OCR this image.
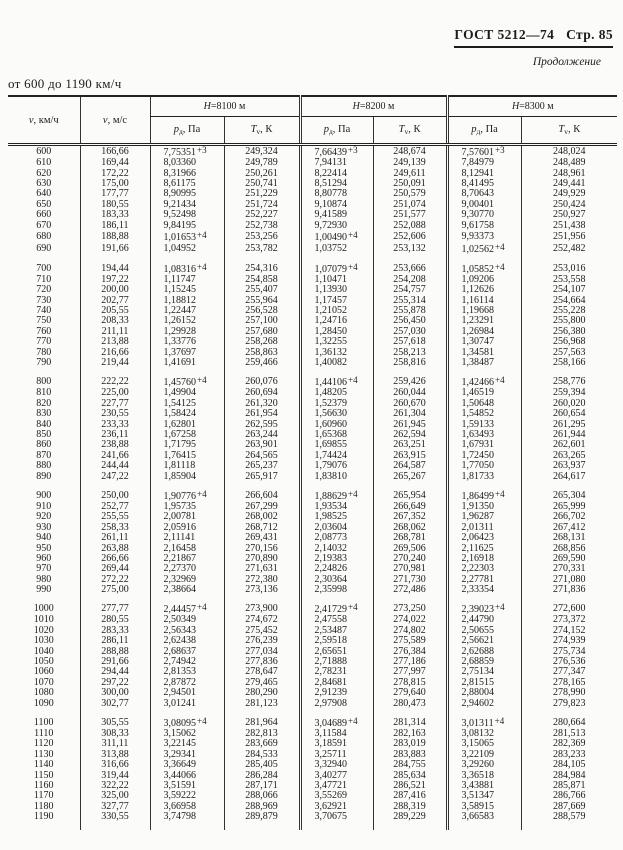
ГОСТ 5212—74 Стр. 85
Продолжение
от 600 до 1190 км/ч
v, км/ч	v, м/с	H=8100 м		H=8200 м		H=8300 м	
		$p_д$, Па	$T_v$, К	$p_д$, Па	$T_v$, К	$p_д$, Па	$T_v$, К
600	166,66	7,75351+3	249,324	7,66439+3	248,674	7,57601+3	248,024
610	169,44	8,03360	249,789	7,94131	249,139	7,84979	248,489
620	172,22	8,31966	250,261	8,22414	249,611	8,12941	248,961
630	175,00	8,61175	250,741	8,51294	250,091	8,41495	249,441
640	177,77	8,90995	251,229	8,80778	250,579	8,70643	249,929
650	180,55	9,21434	251,724	9,10874	251,074	9,00401	250,424
660	183,33	9,52498	252,227	9,41589	251,577	9,30770	250,927
670	186,11	9,84195	252,738	9,72930	252,088	9,61758	251,438
680	188,88	1,01653+4	253,256	1,00490+4	252,606	9,93373	251,956
690	191,66	1,04952	253,782	1,03752	253,132	1,02562+4	252,482

700	194,44	1,08316+4	254,316	1,07079+4	253,666	1,05852+4	253,016
710	197,22	1,11747	254,858	1,10471	254,208	1,09206	253,558
720	200,00	1,15245	255,407	1,13930	254,757	1,12626	254,107
730	202,77	1,18812	255,964	1,17457	255,314	1,16114	254,664
740	205,55	1,22447	256,528	1,21052	255,878	1,19668	255,228
750	208,33	1,26152	257,100	1,24716	256,450	1,23291	255,800
760	211,11	1,29928	257,680	1,28450	257,030	1,26984	256,380
770	213,88	1,33776	258,268	1,32255	257,618	1,30747	256,968
780	216,66	1,37697	258,863	1,36132	258,213	1,34581	257,563
790	219,44	1,41691	259,466	1,40082	258,816	1,38487	258,166

800	222,22	1,45760+4	260,076	1,44106+4	259,426	1,42466+4	258,776
810	225,00	1,49904	260,694	1,48205	260,044	1,46519	259,394
820	227,77	1,54125	261,320	1,52379	260,670	1,50648	260,020
830	230,55	1,58424	261,954	1,56630	261,304	1,54852	260,654
840	233,33	1,62801	262,595	1,60960	261,945	1,59133	261,295
850	236,11	1,67258	263,244	1,65368	262,594	1,63493	261,944
860	238,88	1,71795	263,901	1,69855	263,251	1,67931	262,601
870	241,66	1,76415	264,565	1,74424	263,915	1,72450	263,265
880	244,44	1,81118	265,237	1,79076	264,587	1,77050	263,937
890	247,22	1,85904	265,917	1,83810	265,267	1,81733	264,617

900	250,00	1,90776+4	266,604	1,88629+4	265,954	1,86499+4	265,304
910	252,77	1,95735	267,299	1,93534	266,649	1,91350	265,999
920	255,55	2,00781	268,002	1,98525	267,352	1,96287	266,702
930	258,33	2,05916	268,712	2,03604	268,062	2,01311	267,412
940	261,11	2,11141	269,431	2,08773	268,781	2,06423	268,131
950	263,88	2,16458	270,156	2,14032	269,506	2,11625	268,856
960	266,66	2,21867	270,890	2,19383	270,240	2,16918	269,590
970	269,44	2,27370	271,631	2,24826	270,981	2,22303	270,331
980	272,22	2,32969	272,380	2,30364	271,730	2,27781	271,080
990	275,00	2,38664	273,136	2,35998	272,486	2,33354	271,836

1000	277,77	2,44457+4	273,900	2,41729+4	273,250	2,39023+4	272,600
1010	280,55	2,50349	274,672	2,47558	274,022	2,44790	273,372
1020	283,33	2,56343	275,452	2,53487	274,802	2,50655	274,152
1030	286,11	2,62438	276,239	2,59518	275,589	2,56621	274,939
1040	288,88	2,68637	277,034	2,65651	276,384	2,62688	275,734
1050	291,66	2,74942	277,836	2,71888	277,186	2,68859	276,536
1060	294,44	2,81353	278,647	2,78231	277,997	2,75134	277,347
1070	297,22	2,87872	279,465	2,84681	278,815	2,81515	278,165
1080	300,00	2,94501	280,290	2,91239	279,640	2,88004	278,990
1090	302,77	3,01241	281,123	2,97908	280,473	2,94602	279,823

1100	305,55	3,08095+4	281,964	3,04689+4	281,314	3,01311+4	280,664
1110	308,33	3,15062	282,813	3,11584	282,163	3,08132	281,513
1120	311,11	3,22145	283,669	3,18591	283,019	3,15065	282,369
1130	313,88	3,29341	284,533	3,25711	283,883	3,22109	283,233
1140	316,66	3,36649	285,405	3,32940	284,755	3,29260	284,105
1150	319,44	3,44066	286,284	3,40277	285,634	3,36518	284,984
1160	322,22	3,51591	287,171	3,47721	286,521	3,43881	285,871
1170	325,00	3,59222	288,066	3,55269	287,416	3,51347	286,766
1180	327,77	3,66958	288,969	3,62921	288,319	3,58915	287,669
1190	330,55	3,74798	289,879	3,70675	289,229	3,66583	288,579
